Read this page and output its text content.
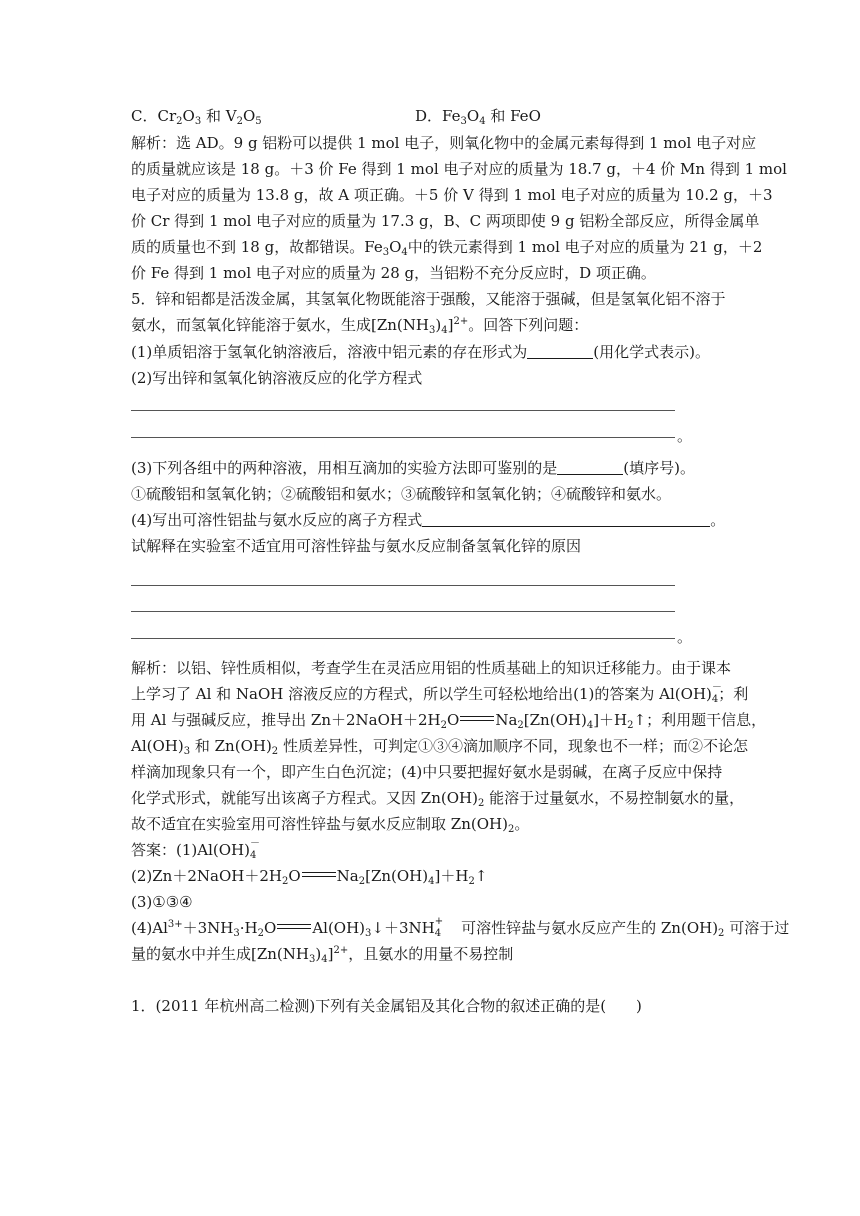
C．$Cr_2O_3$ 和 $V_2O_5$	D．$Fe_3O_4$ 和 FeO
解析：选 AD。9 g 铝粉可以提供 1 mol 电子，则氧化物中的金属元素每得到 1 mol 电子对应
的质量就应该是 18 g。＋3 价 Fe 得到 1 mol 电子对应的质量为 18.7 g，＋4 价 Mn 得到 1 mol
电子对应的质量为 13.8 g，故 A 项正确。＋5 价 V 得到 1 mol 电子对应的质量为 10.2 g，＋3
价 Cr 得到 1 mol 电子对应的质量为 17.3 g，B、C 两项即使 9 g 铝粉全部反应，所得金属单
质的质量也不到 18 g，故都错误。$Fe_3O_4$中的铁元素得到 1 mol 电子对应的质量为 21 g，＋2
价 Fe 得到 1 mol 电子对应的质量为 28 g，当铝粉不充分反应时，D 项正确。
5．锌和铝都是活泼金属，其氢氧化物既能溶于强酸，又能溶于强碱，但是氢氧化铝不溶于
氨水，而氢氧化锌能溶于氨水，生成$[Zn(NH_3)_4]^{2+}$。回答下列问题：
(1)单质铝溶于氢氧化钠溶液后，溶液中铝元素的存在形式为	(用化学式表示)。
(2)写出锌和氢氧化钠溶液反应的化学方程式
。
(3)下列各组中的两种溶液，用相互滴加的实验方法即可鉴别的是	(填序号)。
①硫酸铝和氢氧化钠；②硫酸铝和氨水；③硫酸锌和氢氧化钠；④硫酸锌和氨水。
(4)写出可溶性铝盐与氨水反应的离子方程式	。
试解释在实验室不适宜用可溶性锌盐与氨水反应制备氢氧化锌的原因
。
解析：以铝、锌性质相似，考查学生在灵活应用铝的性质基础上的知识迁移能力。由于课本
上学习了 Al 和 NaOH 溶液反应的方程式，所以学生可轻松地给出(1)的答案为 $Al(OH)_4$
－
；利
用 Al 与强碱反应，推导出 $Zn+2NaOH+2H_2O$ $Na_2[Zn(OH)_4]+H_2↑$；利用题干信息，
$Al(OH)_3$ 和 $Zn(OH)_2$ 性质差异性，可判定①③④滴加顺序不同，现象也不一样；而②不论怎
样滴加现象只有一个，即产生白色沉淀；(4)中只要把握好氨水是弱碱，在离子反应中保持
化学式形式，就能写出该离子方程式。又因 $Zn(OH)_2$ 能溶于过量氨水，不易控制氨水的量，
故不适宜在实验室用可溶性锌盐与氨水反应制取 $Zn(OH)_2$。
答案：$(1)Al(OH)_4$
－
$(2)Zn+2NaOH+2H_2O$ $Na_2[Zn(OH)_4]+H_2↑$
(3)①③④
$(4)Al^{3+}+3NH_3\cdot H_2O$ $Al(OH)_3↓+3NH_4$
+ 可溶性锌盐与氨水反应产生的 $Zn(OH)_2$ 可溶于过
量的氨水中并生成$[Zn(NH_3)_4]^{2+}$，且氨水的用量不易控制
1．(2011 年杭州高二检测)下列有关金属铝及其化合物的叙述正确的是(　　)
